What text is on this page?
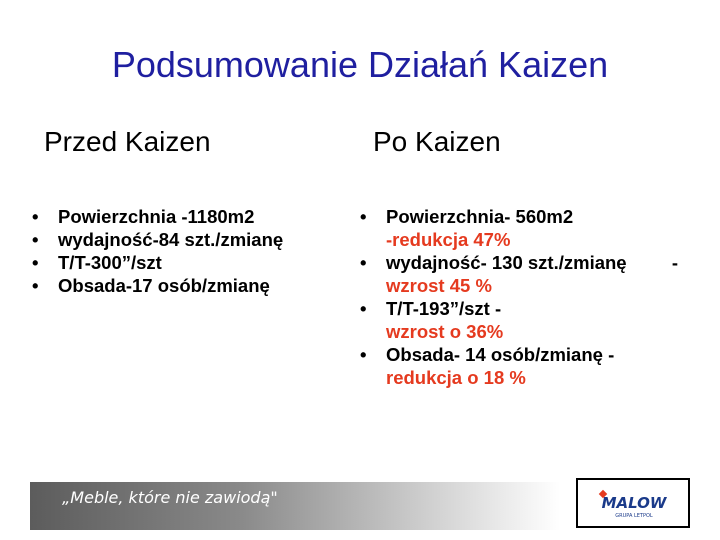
Podsumowanie Działań Kaizen
Przed Kaizen	Po Kaizen
• Powierzchnia -1180m2
• wydajność-84 szt./zmianę
• T/T-300”/szt
• Obsada-17 osób/zmianę
• Powierzchnia- 560m2
-redukcja 47%
• wydajność- 130 szt./zmianę -

wzrost 45 %
• T/T-193”/szt -
wzrost o 36%
• Obsada- 14 osób/zmianę - redukcja o 18 %
„Meble, które nie zawiodą"	MALOW
GRUPA LETPOL
